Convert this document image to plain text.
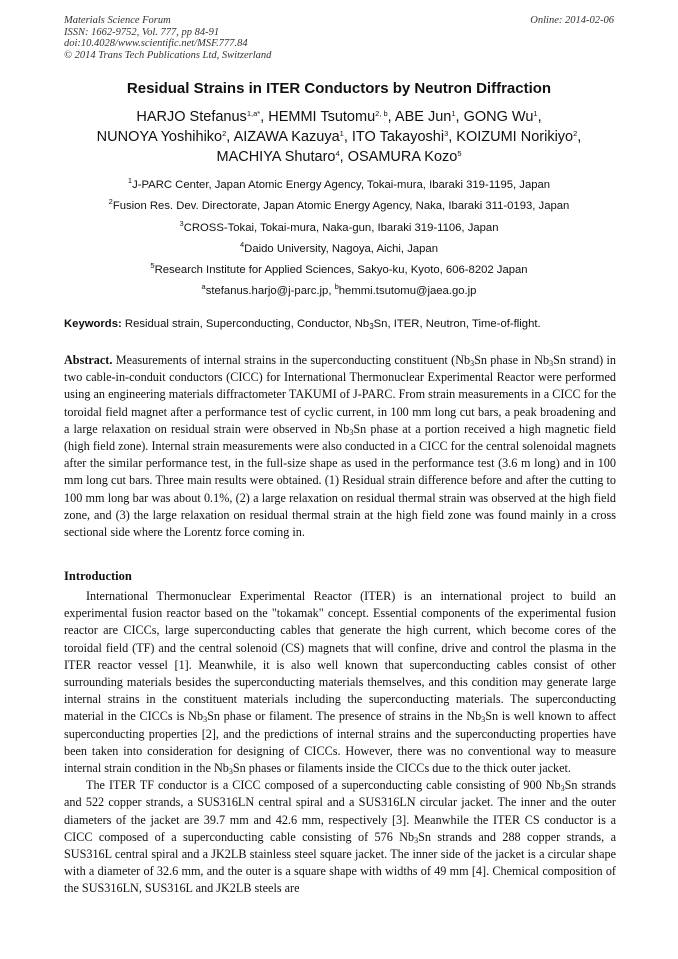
Materials Science Forum
ISSN: 1662-9752, Vol. 777, pp 84-91
doi:10.4028/www.scientific.net/MSF.777.84
© 2014 Trans Tech Publications Ltd, Switzerland
Online: 2014-02-06
Residual Strains in ITER Conductors by Neutron Diffraction
HARJO Stefanus$^{1,a*}$, HEMMI Tsutomu$^{2, b}$, ABE Jun$^1$, GONG Wu$^1$,
NUNOYA Yoshihiko$^2$, AIZAWA Kazuya$^1$, ITO Takayoshi$^3$, KOIZUMI Norikiyo$^2$,
MACHIYA Shutaro$^4$, OSAMURA Kozo$^5$
$^1$J-PARC Center, Japan Atomic Energy Agency, Tokai-mura, Ibaraki 319-1195, Japan
$^2$Fusion Res. Dev. Directorate, Japan Atomic Energy Agency, Naka, Ibaraki 311-0193, Japan
$^3$CROSS-Tokai, Tokai-mura, Naka-gun, Ibaraki 319-1106, Japan
$^4$Daido University, Nagoya, Aichi, Japan
$^5$Research Institute for Applied Sciences, Sakyo-ku, Kyoto, 606-8202 Japan
$^a$stefanus.harjo@j-parc.jp, $^b$hemmi.tsutomu@jaea.go.jp
Keywords: Residual strain, Superconducting, Conductor, $Nb_3Sn$, ITER, Neutron, Time-of-flight.

Abstract. Measurements of internal strains in the superconducting constituent ($Nb_3Sn$ phase in $Nb_3Sn$ strand) in two cable-in-conduit conductors (CICC) for International Thermonuclear Experimental Reactor were performed using an engineering materials diffractometer TAKUMI of J-PARC. From strain measurements in a CICC for the toroidal field magnet after a performance test of cyclic current, in 100 mm long cut bars, a peak broadening and a large relaxation on residual strain were observed in $Nb_3Sn$ phase at a portion received a high magnetic field (high field zone). Internal strain measurements were also conducted in a CICC for the central solenoidal magnets after the similar performance test, in the full-size shape as used in the performance test (3.6 m long) and in 100 mm long cut bars. Three main results were obtained. (1) Residual strain difference before and after the cutting to 100 mm long bar was about 0.1%, (2) a large relaxation on residual thermal strain was observed at the high field zone, and (3) the large relaxation on residual thermal strain at the high field zone was found mainly in a cross sectional side where the Lorentz force coming in.

Introduction

International Thermonuclear Experimental Reactor (ITER) is an international project to build an experimental fusion reactor based on the "tokamak" concept. Essential components of the experimental fusion reactor are CICCs, large superconducting cables that generate the high current, which become cores of the toroidal field (TF) and the central solenoid (CS) magnets that will confine, drive and control the plasma in the ITER reactor vessel [1]. Meanwhile, it is also well known that superconducting cables consist of other surrounding materials besides the superconducting materials themselves, and this condition may generate large internal strains in the constituent materials including the superconducting materials. The superconducting material in the CICCs is $Nb_3Sn$ phase or filament. The presence of strains in the $Nb_3Sn$ is well known to affect superconducting properties [2], and the predictions of internal strains and the superconducting properties have been taken into consideration for designing of CICCs. However, there was no conventional way to measure internal strain condition in the $Nb_3Sn$ phases or filaments inside the CICCs due to the thick outer jacket.

The ITER TF conductor is a CICC composed of a superconducting cable consisting of 900 $Nb_3Sn$ strands and 522 copper strands, a SUS316LN central spiral and a SUS316LN circular jacket. The inner and the outer diameters of the jacket are 39.7 mm and 42.6 mm, respectively [3]. Meanwhile the ITER CS conductor is a CICC composed of a superconducting cable consisting of 576 $Nb_3Sn$ strands and 288 copper strands, a SUS316L central spiral and a JK2LB stainless steel square jacket. The inner side of the jacket is a circular shape with a diameter of 32.6 mm, and the outer is a square shape with widths of 49 mm [4]. Chemical composition of the SUS316LN, SUS316L and JK2LB steels are
